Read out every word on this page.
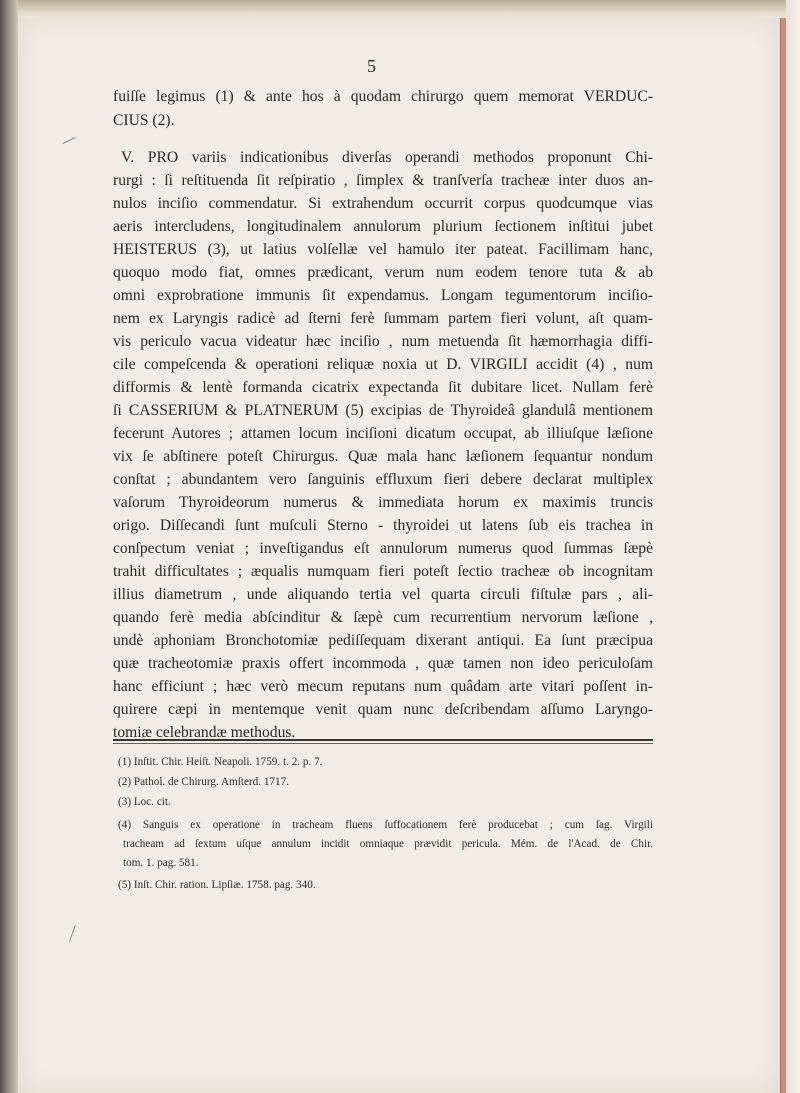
5
fuiſſe legimus (1) & ante hos à quodam chirurgo quem memorat VERDUC-
CIUS (2).
V. PRO variis indicationibus diverſas operandi methodos proponunt Chi-
rurgi : ſi reſtituenda ſit reſpiratio , ſimplex & tranſverſa tracheæ inter duos an-
nulos inciſio commendatur. Si extrahendum occurrit corpus quodcumque vias
aeris intercludens, longitudinalem annulorum plurium ſectionem inſtitui jubet
HEISTERUS (3), ut latius volſellæ vel hamulo iter pateat. Facillimam hanc,
quoquo modo fiat, omnes prædicant, verum num eodem tenore tuta & ab
omni exprobratione immunis ſit expendamus. Longam tegumentorum inciſio-
nem ex Laryngis radicè ad ſterni ferè ſummam partem fieri volunt, aſt quam-
vis periculo vacua videatur hæc inciſio , num metuenda ſit hæmorrhagia diffi-
cile compeſcenda & operationi reliquæ noxia ut D. VIRGILI accidit (4) , num
difformis & lentè formanda cicatrix expectanda ſit dubitare licet. Nullam ferè
ſi CASSERIUM & PLATNERUM (5) excipias de Thyroideâ glandulâ mentionem
fecerunt Autores ; attamen locum inciſioni dicatum occupat, ab illiuſque læſione
vix ſe abſtinere poteſt Chirurgus. Quæ mala hanc læſionem ſequantur nondum
conſtat ; abundantem vero ſanguinis effluxum fieri debere declarat multiplex
vaſorum Thyroideorum numerus & immediata horum ex maximis truncis
origo. Diſſecandi ſunt muſculi Sterno - thyroidei ut latens ſub eis trachea in
conſpectum veniat ; inveſtigandus eſt annulorum numerus quod ſummas ſæpè
trahit difficultates ; æqualis numquam fieri poteſt ſectio tracheæ ob incognitam
illius diametrum , unde aliquando tertia vel quarta circuli fiſtulæ pars , ali-
quando ferè media abſcinditur & ſæpè cum recurrentium nervorum læſione ,
undè aphoniam Bronchotomiæ pediſſequam dixerant antiqui. Ea ſunt præcipua
quæ tracheotomiæ praxis offert incommoda , quæ tamen non ideo periculoſam
hanc efficiunt ; hæc verò mecum reputans num quâdam arte vitari poſſent in-
quirere cæpi in mentemque venit quam nunc deſcribendam aſſumo Laryngo-
tomiæ celebrandæ methodus.
(1) Inſtit. Chir. Heiſt. Neapoli. 1759. t. 2. p. 7.
(2) Pathol. de Chirurg. Amſterd. 1717.
(3) Loc. cit.
(4) Sanguis ex operatione in tracheam fluens ſuffocationem ferè producebat ; cum ſag. Virgili
tracheam ad ſextum uſque annulum incidit omniaque prævidit pericula. Mém. de l'Acad. de Chir.
tom. 1. pag. 581.
(5) Inſt. Chir. ration. Lipſiæ. 1758. pag. 340.
